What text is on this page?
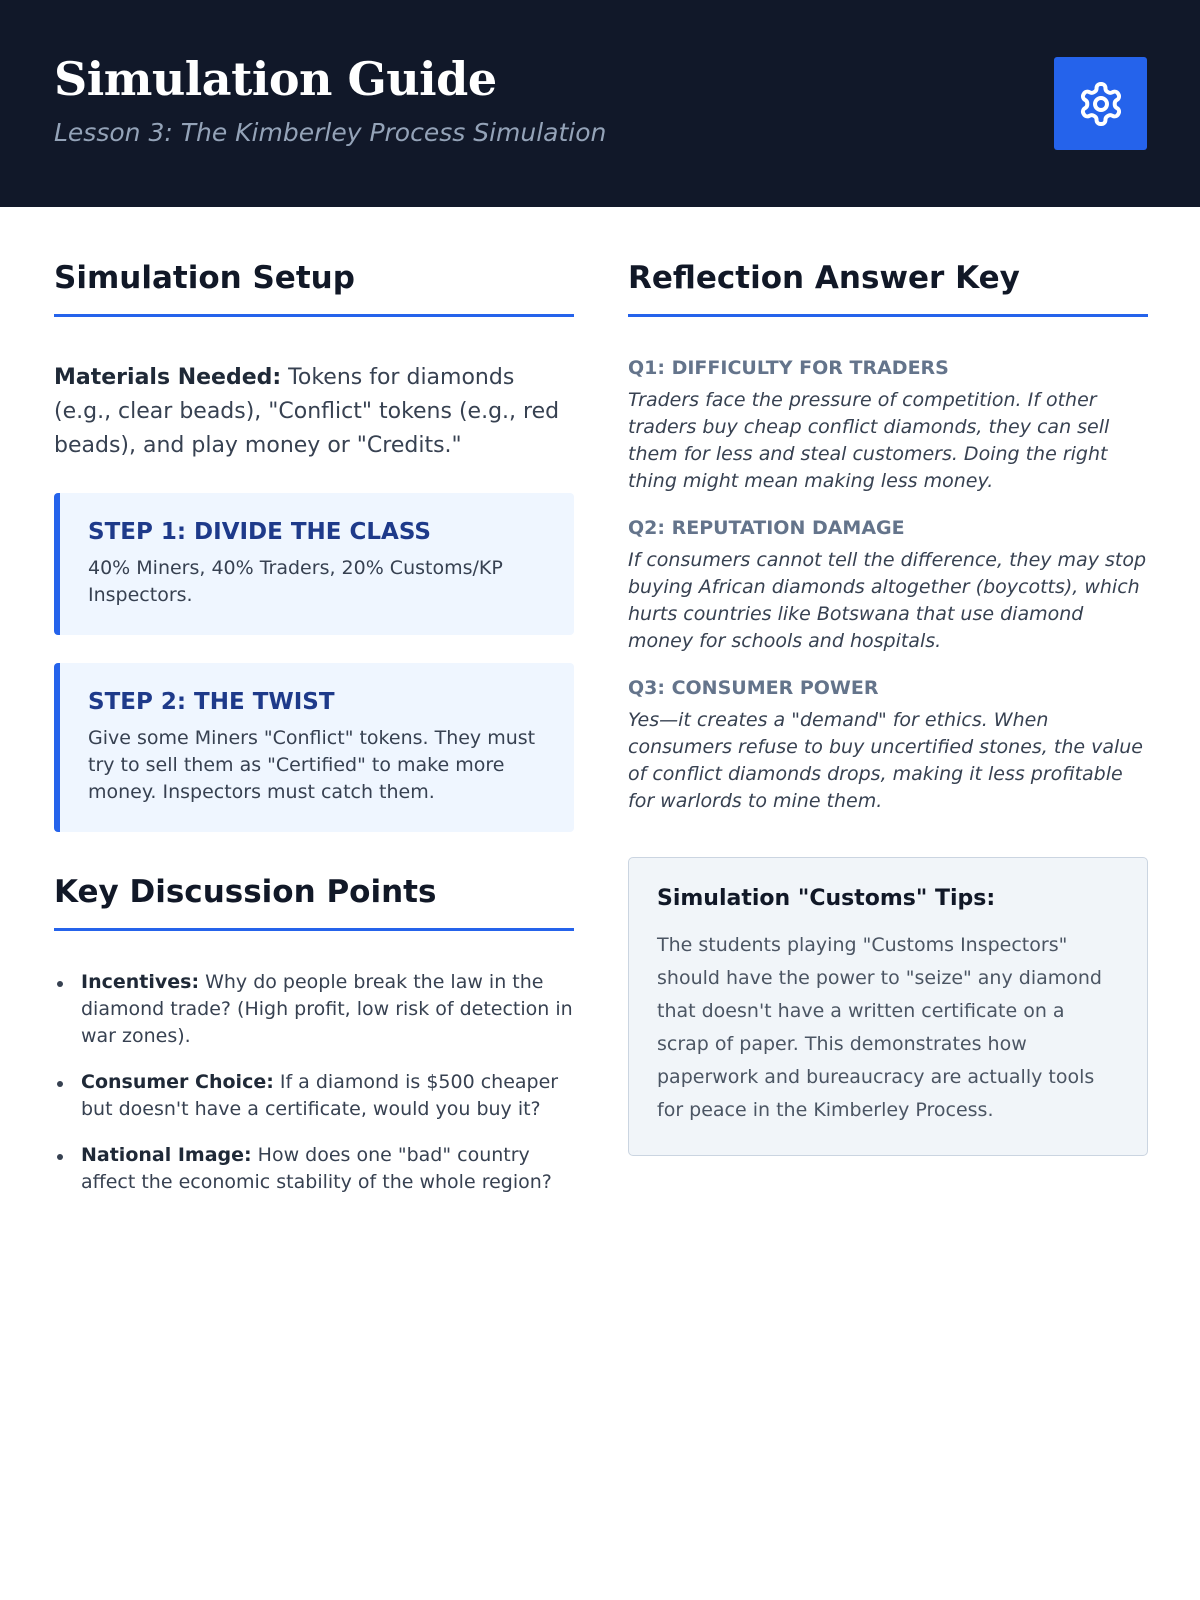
Simulation Guide

Lesson 3: The Kimberley Process Simulation

Simulation Setup

Materials Needed: Tokens for diamonds (e.g., clear beads), "Conflict" tokens (e.g., red beads), and play money or "Credits."

STEP 1: DIVIDE THE CLASS

40% Miners, 40% Traders, 20% Customs/KP Inspectors.

STEP 2: THE TWIST

Give some Miners "Conflict" tokens. They must try to sell them as "Certified" to make more money. Inspectors must catch them.

Key Discussion Points
Incentives: Why do people break the law in the diamond trade? (High profit, low risk of detection in war zones).
Consumer Choice: If a diamond is $500 cheaper but doesn't have a certificate, would you buy it?
National Image: How does one "bad" country affect the economic stability of the whole region?
Reflection Answer Key
Q1: DIFFICULTY FOR TRADERS

Traders face the pressure of competition. If other traders buy cheap conflict diamonds, they can sell them for less and steal customers. Doing the right thing might mean making less money.

Q2: REPUTATION DAMAGE

If consumers cannot tell the difference, they may stop buying African diamonds altogether (boycotts), which hurts countries like Botswana that use diamond money for schools and hospitals.

Q3: CONSUMER POWER

Yes—it creates a "demand" for ethics. When consumers refuse to buy uncertified stones, the value of conflict diamonds drops, making it less profitable for warlords to mine them.

Simulation "Customs" Tips:

The students playing "Customs Inspectors" should have the power to "seize" any diamond that doesn't have a written certificate on a scrap of paper. This demonstrates how paperwork and bureaucracy are actually tools for peace in the Kimberley Process.
